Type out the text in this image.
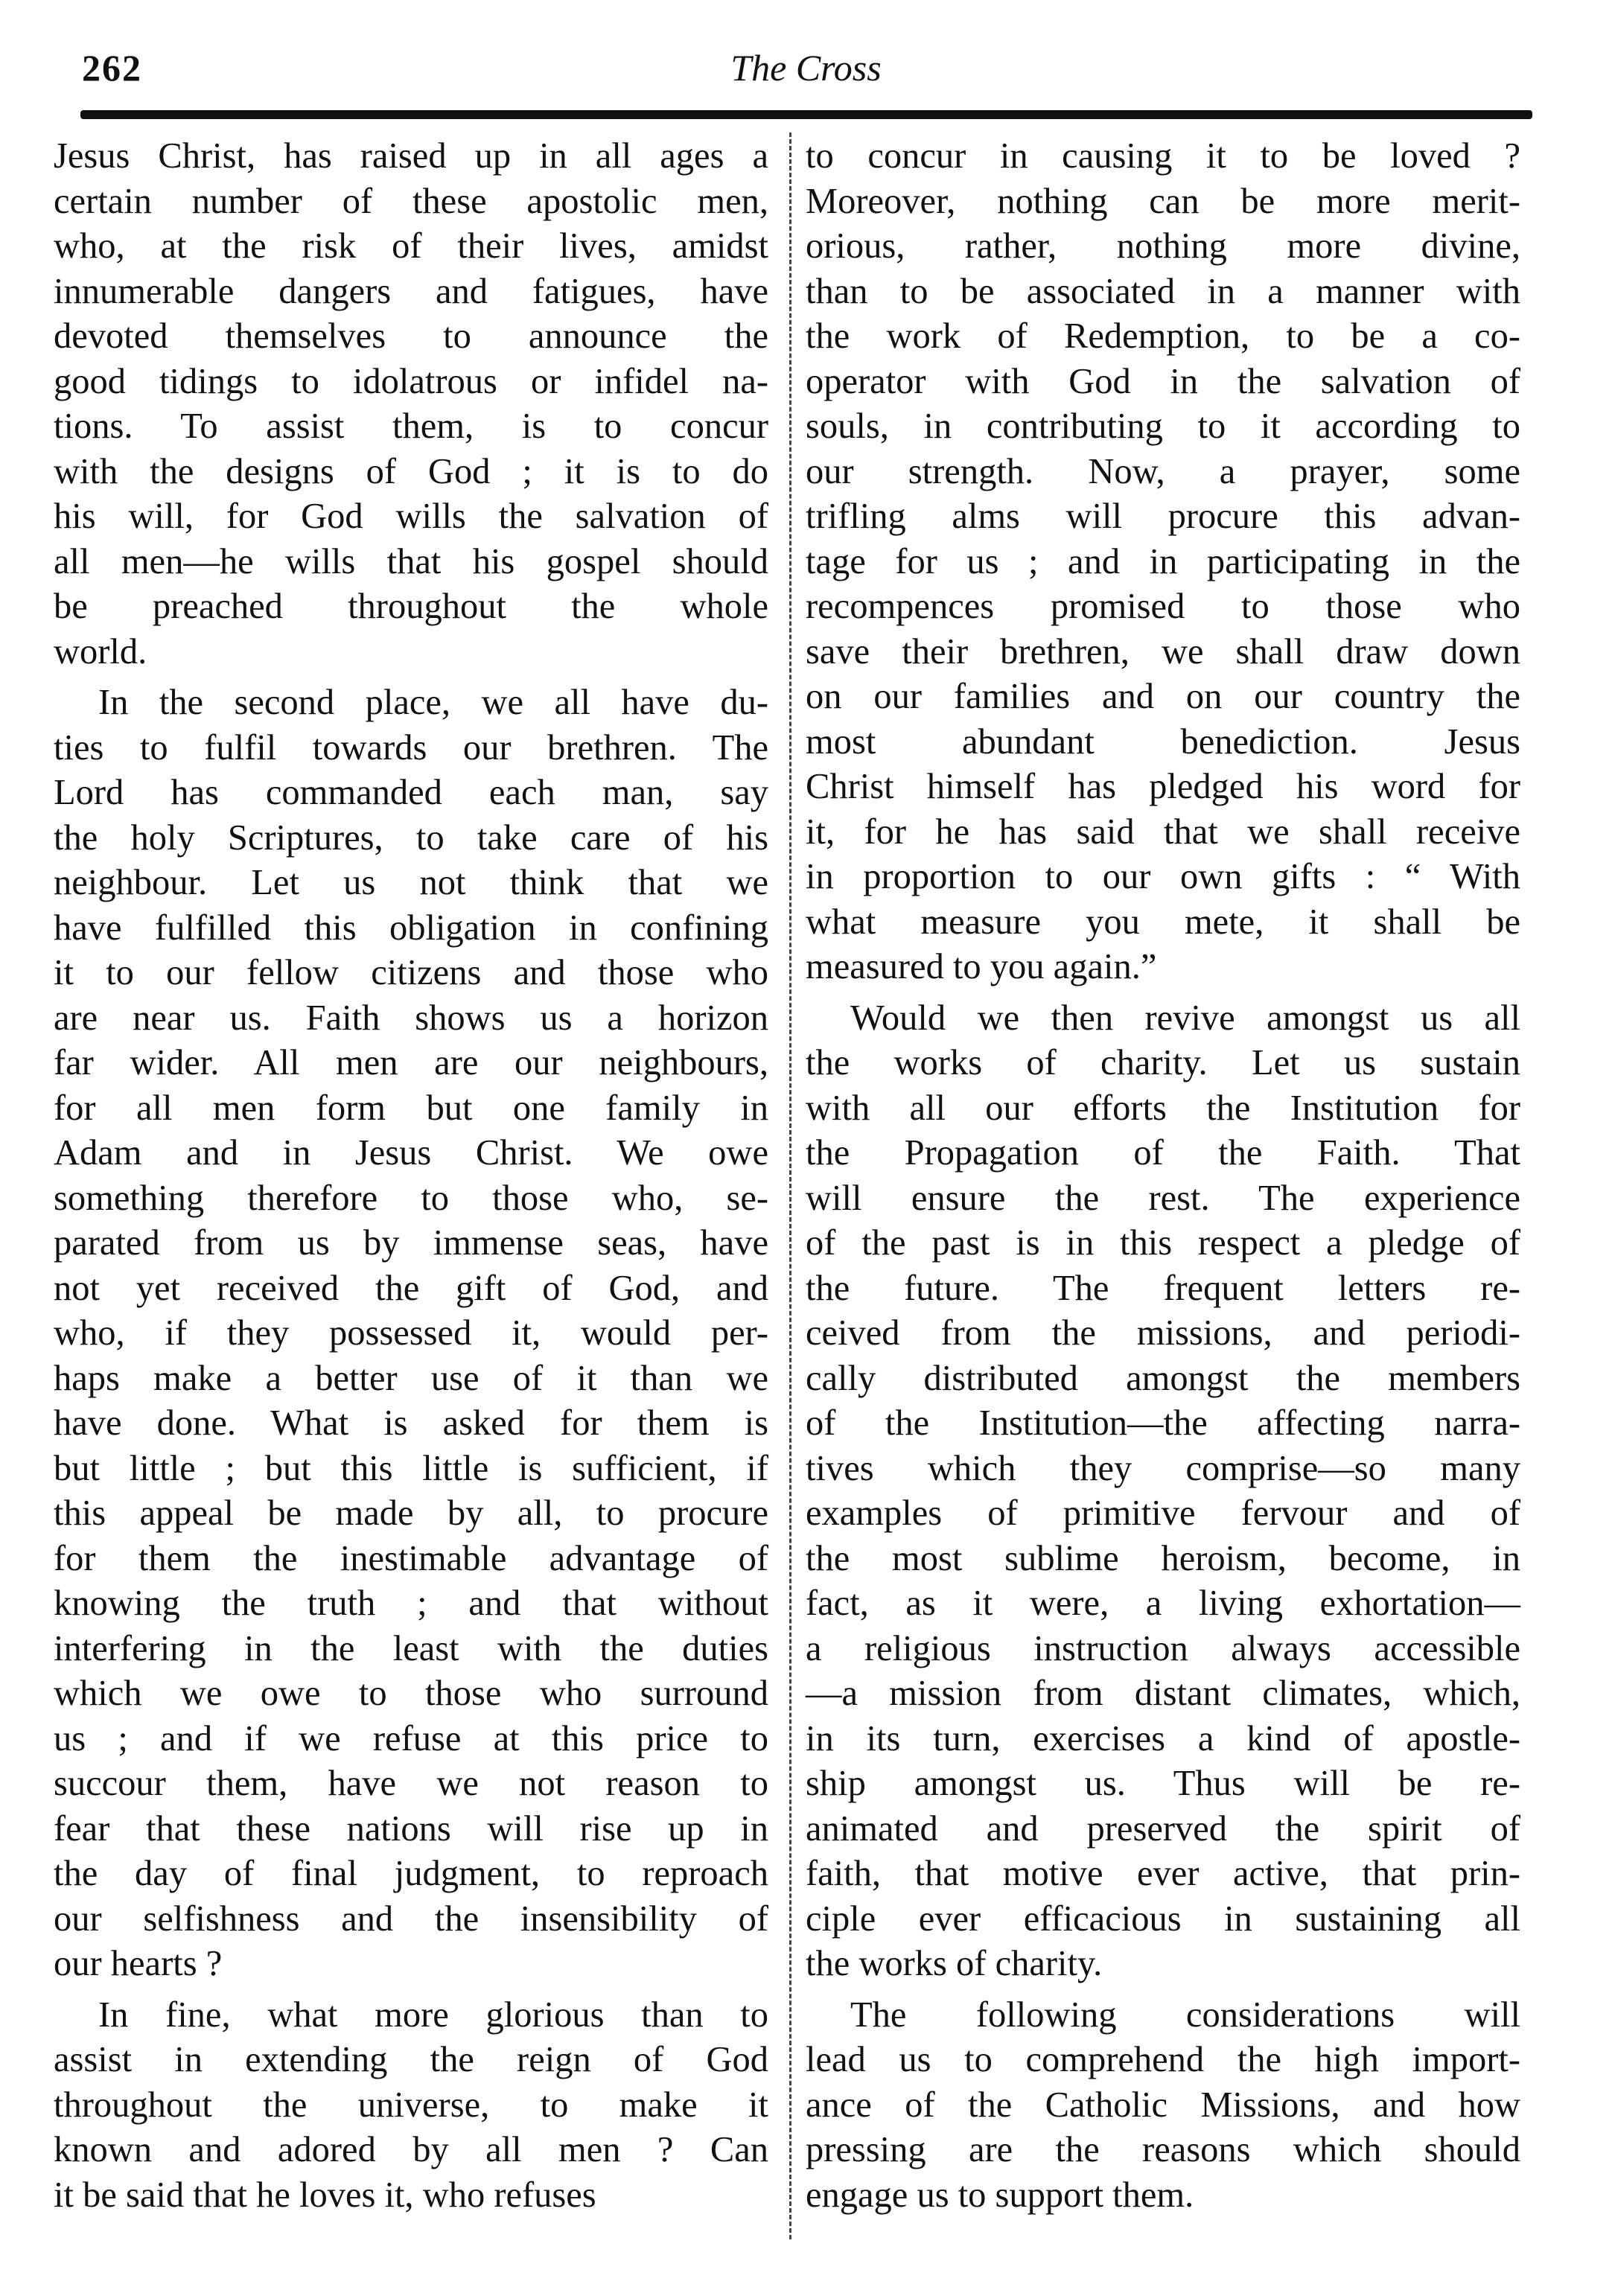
262	The Cross
Jesus Christ, has raised up in all ages a
certain number of these apostolic men,
who, at the risk of their lives, amidst
innumerable dangers and fatigues, have
devoted themselves to announce the
good tidings to idolatrous or infidel na-
tions. To assist them, is to concur
with the designs of God ; it is to do
his will, for God wills the salvation of
all men—he wills that his gospel should
be preached throughout the whole
world.
In the second place, we all have du-
ties to fulfil towards our brethren. The
Lord has commanded each man, say
the holy Scriptures, to take care of his
neighbour. Let us not think that we
have fulfilled this obligation in confining
it to our fellow citizens and those who
are near us. Faith shows us a horizon
far wider. All men are our neighbours,
for all men form but one family in
Adam and in Jesus Christ. We owe
something therefore to those who, se-
parated from us by immense seas, have
not yet received the gift of God, and
who, if they possessed it, would per-
haps make a better use of it than we
have done. What is asked for them is
but little ; but this little is sufficient, if
this appeal be made by all, to procure
for them the inestimable advantage of
knowing the truth ; and that without
interfering in the least with the duties
which we owe to those who surround
us ; and if we refuse at this price to
succour them, have we not reason to
fear that these nations will rise up in
the day of final judgment, to reproach
our selfishness and the insensibility of
our hearts ?
In fine, what more glorious than to
assist in extending the reign of God
throughout the universe, to make it
known and adored by all men ? Can
it be said that he loves it, who refuses
to concur in causing it to be loved ?
Moreover, nothing can be more merit-
orious, rather, nothing more divine,
than to be associated in a manner with
the work of Redemption, to be a co-
operator with God in the salvation of
souls, in contributing to it according to
our strength. Now, a prayer, some
trifling alms will procure this advan-
tage for us ; and in participating in the
recompences promised to those who
save their brethren, we shall draw down
on our families and on our country the
most abundant benediction. Jesus
Christ himself has pledged his word for
it, for he has said that we shall receive
in proportion to our own gifts : “ With
what measure you mete, it shall be
measured to you again.”
Would we then revive amongst us all
the works of charity. Let us sustain
with all our efforts the Institution for
the Propagation of the Faith. That
will ensure the rest. The experience
of the past is in this respect a pledge of
the future. The frequent letters re-
ceived from the missions, and periodi-
cally distributed amongst the members
of the Institution—the affecting narra-
tives which they comprise—so many
examples of primitive fervour and of
the most sublime heroism, become, in
fact, as it were, a living exhortation—
a religious instruction always accessible
—a mission from distant climates, which,
in its turn, exercises a kind of apostle-
ship amongst us. Thus will be re-
animated and preserved the spirit of
faith, that motive ever active, that prin-
ciple ever efficacious in sustaining all
the works of charity.
The following considerations will
lead us to comprehend the high import-
ance of the Catholic Missions, and how
pressing are the reasons which should
engage us to support them.
